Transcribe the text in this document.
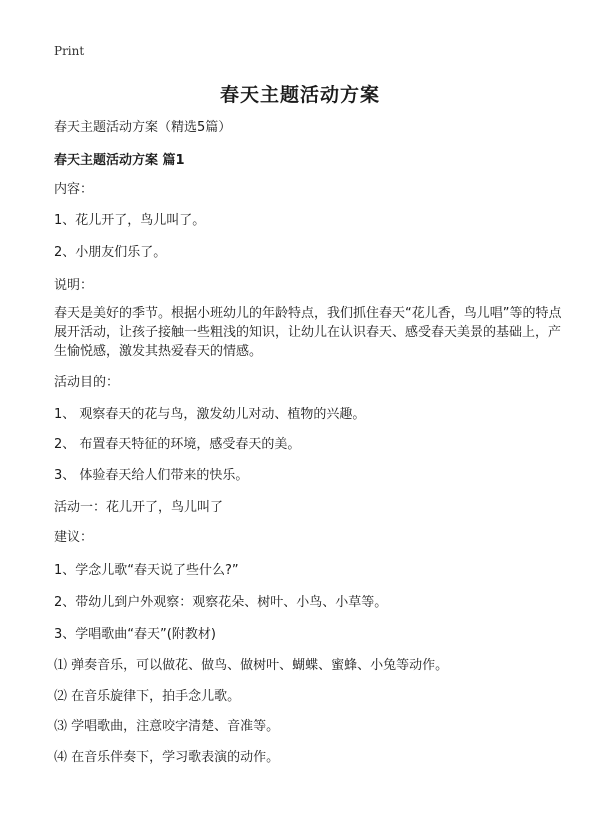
Print
春天主题活动方案
春天主题活动方案（精选5篇）
春天主题活动方案 篇1
内容：
1、花儿开了，鸟儿叫了。
2、小朋友们乐了。
说明：
春天是美好的季节。根据小班幼儿的年龄特点，我们抓住春天“花儿香，鸟儿唱”等的特点展开活动，让孩子接触一些粗浅的知识，让幼儿在认识春天、感受春天美景的基础上，产生愉悦感，激发其热爱春天的情感。
活动目的：
1、 观察春天的花与鸟，激发幼儿对动、植物的兴趣。
2、 布置春天特征的环境，感受春天的美。
3、 体验春天给人们带来的快乐。
活动一：花儿开了，鸟儿叫了
建议：
1、学念儿歌“春天说了些什么?”
2、带幼儿到户外观察：观察花朵、树叶、小鸟、小草等。
3、学唱歌曲“春天”(附教材)
⑴ 弹奏音乐，可以做花、做鸟、做树叶、蝴蝶、蜜蜂、小兔等动作。
⑵ 在音乐旋律下，拍手念儿歌。
⑶ 学唱歌曲，注意咬字清楚、音准等。
⑷ 在音乐伴奏下，学习歌表演的动作。
